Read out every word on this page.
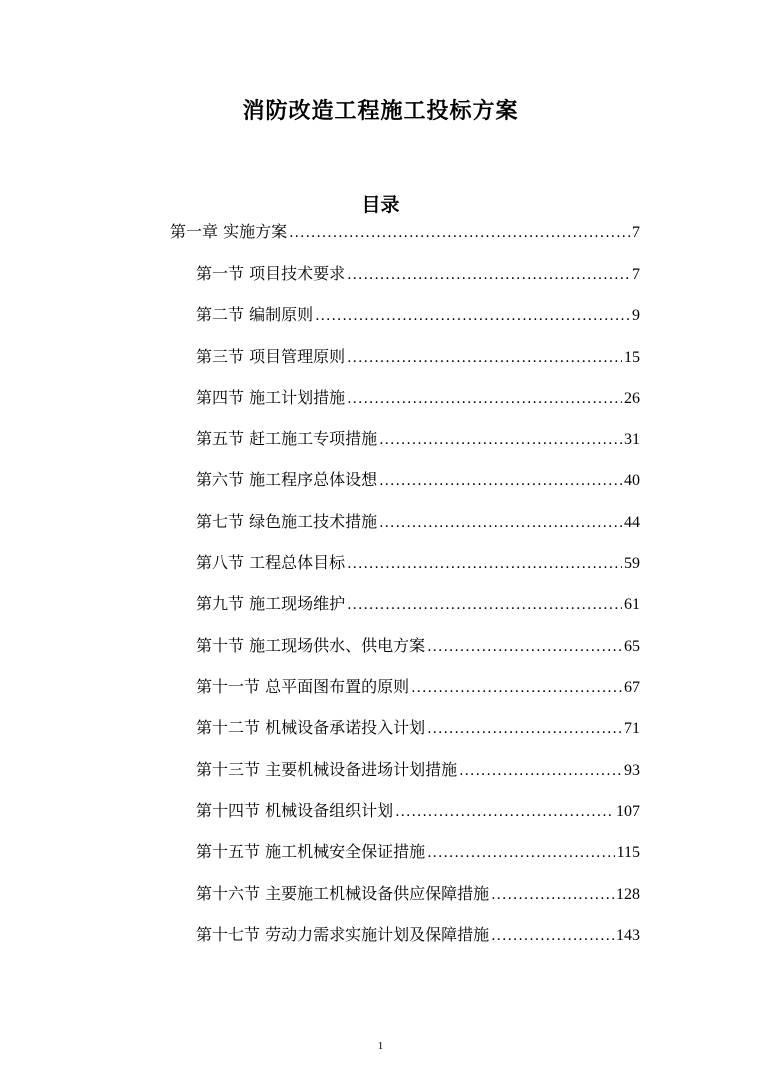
消防改造工程施工投标方案
目录
第一章 实施方案 .....	7
第一节 项目技术要求 .....	7
第二节 编制原则 .....	9
第三节 项目管理原则 .....	15
第四节 施工计划措施 .....	26
第五节 赶工施工专项措施 .....	31
第六节 施工程序总体设想 .....	40
第七节 绿色施工技术措施 .....	44
第八节 工程总体目标 .....	59
第九节 施工现场维护 .....	61
第十节 施工现场供水、供电方案 .....	65
第十一节 总平面图布置的原则 .....	67
第十二节 机械设备承诺投入计划 .....	71
第十三节 主要机械设备进场计划措施 .....	93
第十四节 机械设备组织计划 .....	107
第十五节 施工机械安全保证措施 .....	115
第十六节 主要施工机械设备供应保障措施 .....	128
第十七节 劳动力需求实施计划及保障措施 .....	143
1
